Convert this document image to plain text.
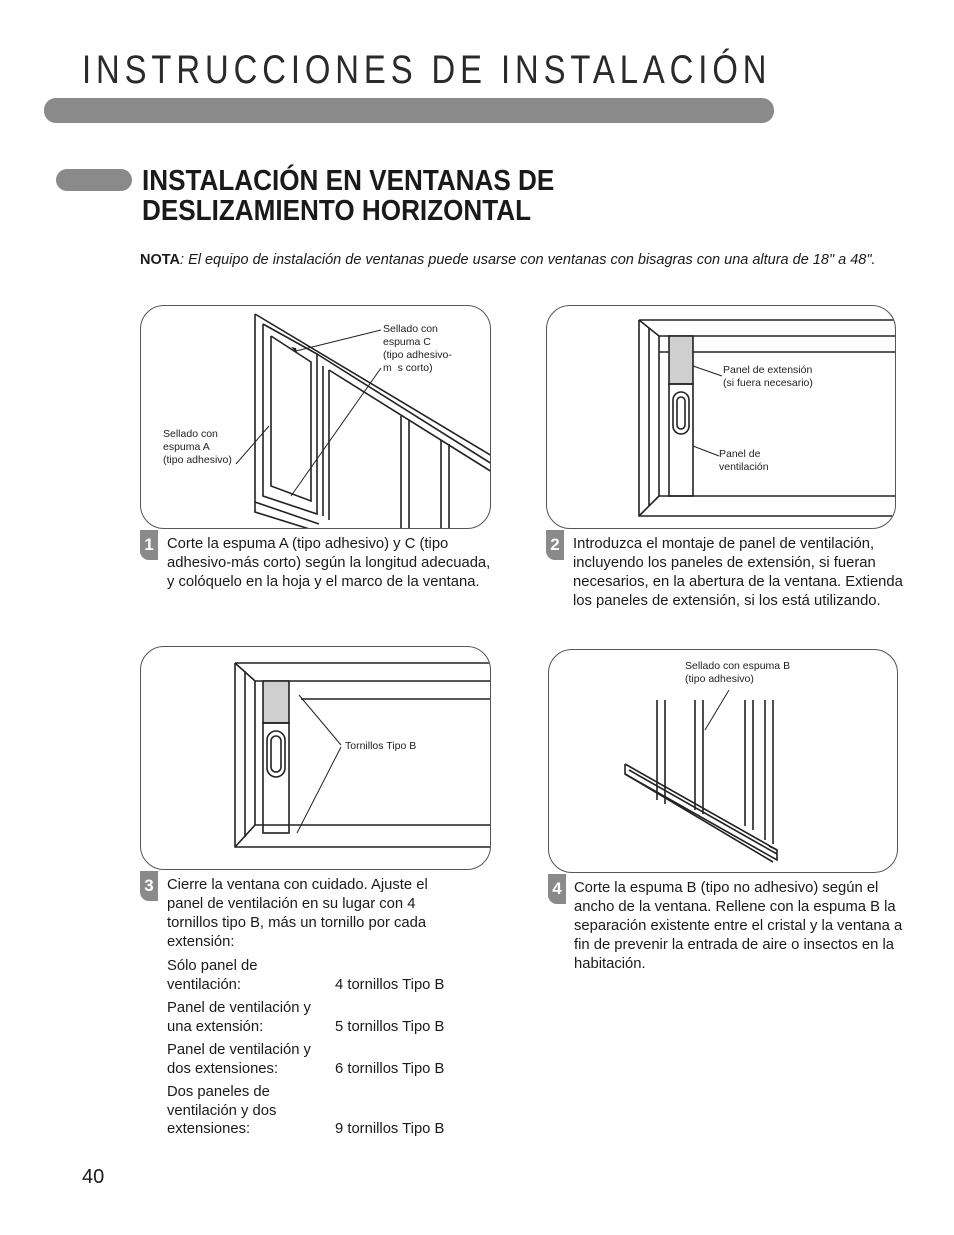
INSTRUCCIONES DE INSTALACIÓN
INSTALACIÓN EN VENTANAS DE
DESLIZAMIENTO HORIZONTAL
NOTA: El equipo de instalación de ventanas puede usarse con ventanas con bisagras con una altura de 18" a 48".
Sellado con
espuma C
(tipo adhesivo-
m  s corto)
Sellado con
espuma A
(tipo adhesivo)
1 Corte la espuma A (tipo adhesivo) y C (tipo adhesivo-más corto) según la longitud adecuada, y colóquelo en la hoja y el marco de la ventana.
Panel de extensión
(si fuera necesario)
Panel de
ventilación
2 Introduzca el montaje de panel de ventilación, incluyendo los paneles de extensión, si fueran necesarios, en la abertura de la ventana. Extienda los paneles de extensión, si los está utilizando.
Tornillos Tipo B
3 Cierre la ventana con cuidado. Ajuste el panel de ventilación en su lugar con 4 tornillos tipo B, más un tornillo por cada extensión:
Sólo panel de ventilación:	4 tornillos Tipo B
Panel de ventilación y una extensión:	5 tornillos Tipo B
Panel de ventilación y dos extensiones:	6 tornillos Tipo B
Dos paneles de ventilación y dos extensiones:	9 tornillos Tipo B
Sellado con espuma B
(tipo adhesivo)
4 Corte la espuma B (tipo no adhesivo) según el ancho de la ventana. Rellene con la espuma B la separación existente entre el cristal y la ventana a fin de prevenir la entrada de aire o insectos en la habitación.
40
